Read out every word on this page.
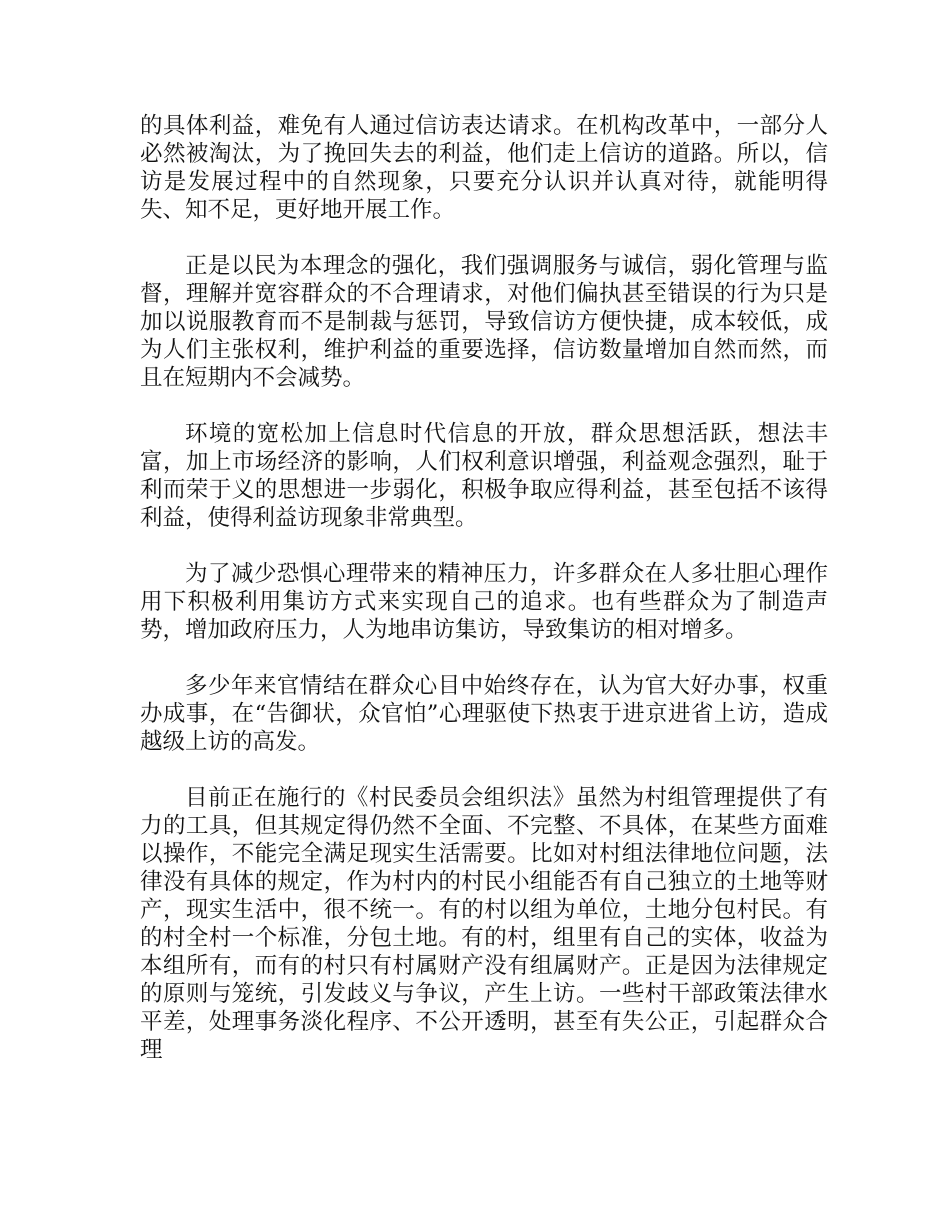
的具体利益，难免有人通过信访表达请求。在机构改革中，一部分人必然被淘汰，为了挽回失去的利益，他们走上信访的道路。所以，信访是发展过程中的自然现象，只要充分认识并认真对待，就能明得失、知不足，更好地开展工作。

正是以民为本理念的强化，我们强调服务与诚信，弱化管理与监督，理解并宽容群众的不合理请求，对他们偏执甚至错误的行为只是加以说服教育而不是制裁与惩罚，导致信访方便快捷，成本较低，成为人们主张权利，维护利益的重要选择，信访数量增加自然而然，而且在短期内不会减势。

环境的宽松加上信息时代信息的开放，群众思想活跃，想法丰富，加上市场经济的影响，人们权利意识增强，利益观念强烈，耻于利而荣于义的思想进一步弱化，积极争取应得利益，甚至包括不该得利益，使得利益访现象非常典型。

为了减少恐惧心理带来的精神压力，许多群众在人多壮胆心理作用下积极利用集访方式来实现自己的追求。也有些群众为了制造声势，增加政府压力，人为地串访集访，导致集访的相对增多。

多少年来官情结在群众心目中始终存在，认为官大好办事，权重办成事，在“告御状，众官怕”心理驱使下热衷于进京进省上访，造成越级上访的高发。

目前正在施行的《村民委员会组织法》虽然为村组管理提供了有力的工具，但其规定得仍然不全面、不完整、不具体，在某些方面难以操作，不能完全满足现实生活需要。比如对村组法律地位问题，法律没有具体的规定，作为村内的村民小组能否有自己独立的土地等财产，现实生活中，很不统一。有的村以组为单位，土地分包村民。有的村全村一个标准，分包土地。有的村，组里有自己的实体，收益为本组所有，而有的村只有村属财产没有组属财产。正是因为法律规定的原则与笼统，引发歧义与争议，产生上访。一些村干部政策法律水平差，处理事务淡化程序、不公开透明，甚至有失公正，引起群众合理
